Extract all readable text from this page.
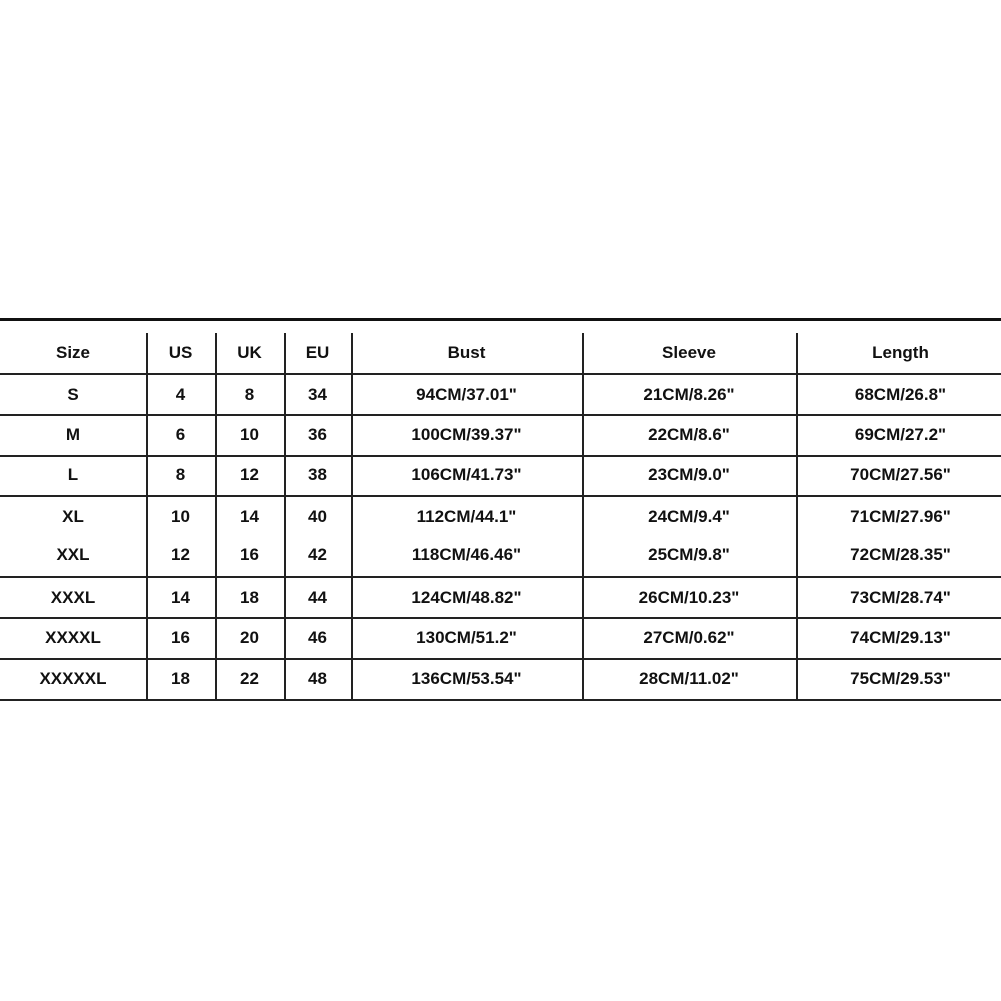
Size	US	UK	EU	Bust	Sleeve	Length
S	4	8	34	94CM/37.01"	21CM/8.26"	68CM/26.8"
M	6	10	36	100CM/39.37"	22CM/8.6"	69CM/27.2"
L	8	12	38	106CM/41.73"	23CM/9.0"	70CM/27.56"
XL	10	14	40	112CM/44.1"	24CM/9.4"	71CM/27.96"
XXL	12	16	42	118CM/46.46"	25CM/9.8"	72CM/28.35"
XXXL	14	18	44	124CM/48.82"	26CM/10.23"	73CM/28.74"
XXXXL	16	20	46	130CM/51.2"	27CM/0.62"	74CM/29.13"
XXXXXL	18	22	48	136CM/53.54"	28CM/11.02"	75CM/29.53"
